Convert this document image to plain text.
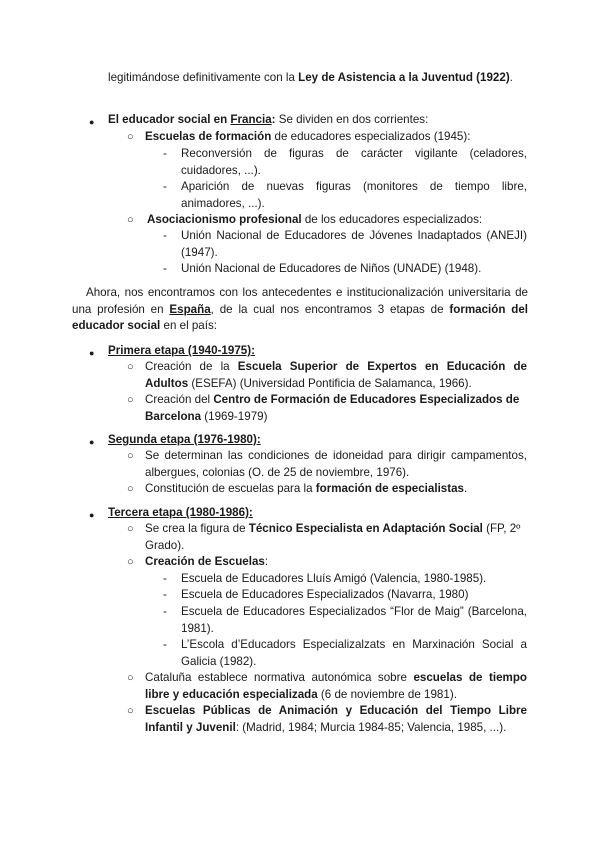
legitimándose definitivamente con la Ley de Asistencia a la Juventud (1922).
● El educador social en Francia: Se dividen en dos corrientes:
○ Escuelas de formación de educadores especializados (1945):
- Reconversión de figuras de carácter vigilante (celadores, cuidadores, ...).
- Aparición de nuevas figuras (monitores de tiempo libre, animadores, ...).
○ Asociacionismo profesional de los educadores especializados:
- Unión Nacional de Educadores de Jóvenes Inadaptados (ANEJI) (1947).
- Unión Nacional de Educadores de Niños (UNADE) (1948).
Ahora, nos encontramos con los antecedentes e institucionalización universitaria de una profesión en España, de la cual nos encontramos 3 etapas de formación del educador social en el país:
● Primera etapa (1940-1975):
○ Creación de la Escuela Superior de Expertos en Educación de Adultos (ESEFA) (Universidad Pontificia de Salamanca, 1966).
○ Creación del Centro de Formación de Educadores Especializados de Barcelona (1969-1979)
● Segunda etapa (1976-1980):
○ Se determinan las condiciones de idoneidad para dirigir campamentos, albergues, colonias (O. de 25 de noviembre, 1976).
○ Constitución de escuelas para la formación de especialistas.
● Tercera etapa (1980-1986):
○ Se crea la figura de Técnico Especialista en Adaptación Social (FP, 2º Grado).
○ Creación de Escuelas:
- Escuela de Educadores Lluís Amigó (Valencia, 1980-1985).
- Escuela de Educadores Especializados (Navarra, 1980)
- Escuela de Educadores Especializados “Flor de Maig” (Barcelona, 1981).
- L’Escola d’Educadors Especializalzats en Marxinación Social a Galicia (1982).
○ Cataluña establece normativa autonómica sobre escuelas de tiempo libre y educación especializada (6 de noviembre de 1981).
○ Escuelas Públicas de Animación y Educación del Tiempo Libre Infantil y Juvenil: (Madrid, 1984; Murcia 1984-85; Valencia, 1985, ...).
